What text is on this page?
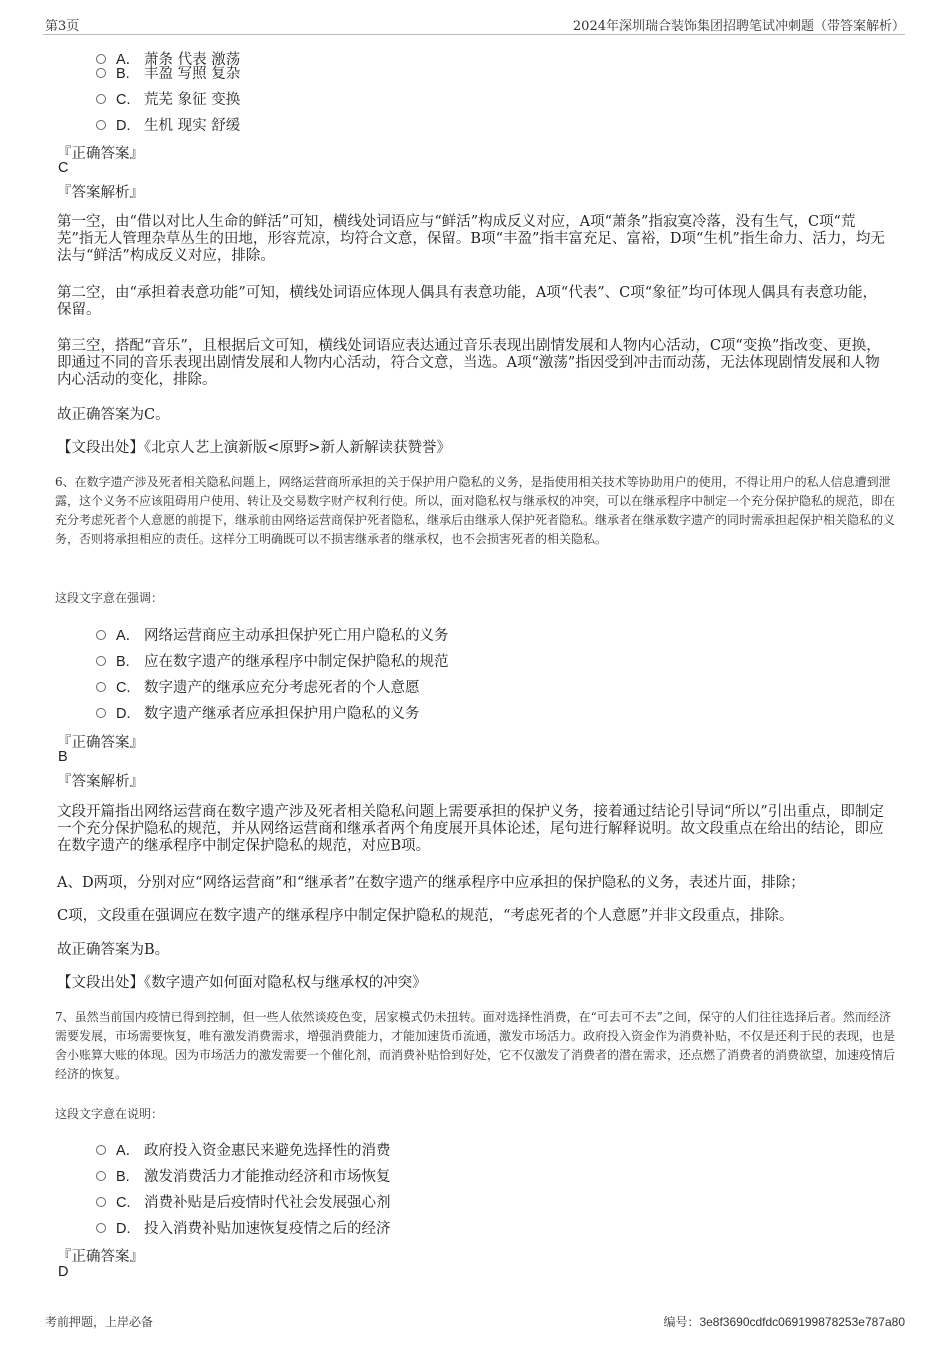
第3页	2024年深圳瑞合装饰集团招聘笔试冲刺题（带答案解析）
A． 萧条 代表 激荡
B. 丰盈 写照 复杂
C. 荒芜 象征 变换
D. 生机 现实 舒缓
『正确答案』
C
『答案解析』
第一空，由“借以对比人生命的鲜活”可知，横线处词语应与“鲜活”构成反义对应，A项“萧条”指寂寞冷落，没有生气，C项“荒芜”指无人管理杂草丛生的田地，形容荒凉，均符合文意，保留。B项“丰盈”指丰富充足、富裕，D项“生机”指生命力、活力，均无法与“鲜活”构成反义对应，排除。
第二空，由“承担着表意功能”可知，横线处词语应体现人偶具有表意功能，A项“代表”、C项“象征”均可体现人偶具有表意功能，保留。
第三空，搭配“音乐”，且根据后文可知，横线处词语应表达通过音乐表现出剧情发展和人物内心活动，C项“变换”指改变、更换，即通过不同的音乐表现出剧情发展和人物内心活动，符合文意，当选。A项“激荡”指因受到冲击而动荡，无法体现剧情发展和人物内心活动的变化，排除。
故正确答案为C。
【文段出处】《北京人艺上演新版<原野>新人新解读获赞誉》
6、在数字遗产涉及死者相关隐私问题上，网络运营商所承担的关于保护用户隐私的义务，是指使用相关技术等协助用户的使用，不得让用户的私人信息遭到泄露，这个义务不应该阻碍用户使用、转让及交易数字财产权利行使。所以，面对隐私权与继承权的冲突，可以在继承程序中制定一个充分保护隐私的规范，即在充分考虑死者个人意愿的前提下，继承前由网络运营商保护死者隐私，继承后由继承人保护死者隐私。继承者在继承数字遗产的同时需承担起保护相关隐私的义务，否则将承担相应的责任。这样分工明确既可以不损害继承者的继承权，也不会损害死者的相关隐私。
这段文字意在强调：
A． 网络运营商应主动承担保护死亡用户隐私的义务
B. 应在数字遗产的继承程序中制定保护隐私的规范
C. 数字遗产的继承应充分考虑死者的个人意愿
D. 数字遗产继承者应承担保护用户隐私的义务
『正确答案』
B
『答案解析』
文段开篇指出网络运营商在数字遗产涉及死者相关隐私问题上需要承担的保护义务，接着通过结论引导词“所以”引出重点，即制定一个充分保护隐私的规范，并从网络运营商和继承者两个角度展开具体论述，尾句进行解释说明。故文段重点在给出的结论，即应在数字遗产的继承程序中制定保护隐私的规范，对应B项。
A、D两项，分别对应“网络运营商”和“继承者”在数字遗产的继承程序中应承担的保护隐私的义务，表述片面，排除；
C项，文段重在强调应在数字遗产的继承程序中制定保护隐私的规范，“考虑死者的个人意愿”并非文段重点，排除。
故正确答案为B。
【文段出处】《数字遗产如何面对隐私权与继承权的冲突》
7、虽然当前国内疫情已得到控制，但一些人依然谈疫色变，居家模式仍未扭转。面对选择性消费，在“可去可不去”之间，保守的人们往往选择后者。然而经济需要发展，市场需要恢复，唯有激发消费需求，增强消费能力，才能加速货币流通，激发市场活力。政府投入资金作为消费补贴，不仅是还利于民的表现，也是舍小账算大账的体现。因为市场活力的激发需要一个催化剂，而消费补贴恰到好处，它不仅激发了消费者的潜在需求，还点燃了消费者的消费欲望，加速疫情后经济的恢复。
这段文字意在说明：
A． 政府投入资金惠民来避免选择性的消费
B. 激发消费活力才能推动经济和市场恢复
C. 消费补贴是后疫情时代社会发展强心剂
D. 投入消费补贴加速恢复疫情之后的经济
『正确答案』
D
考前押题，上岸必备	编号：3e8f3690cdfdc069199878253e787a80
